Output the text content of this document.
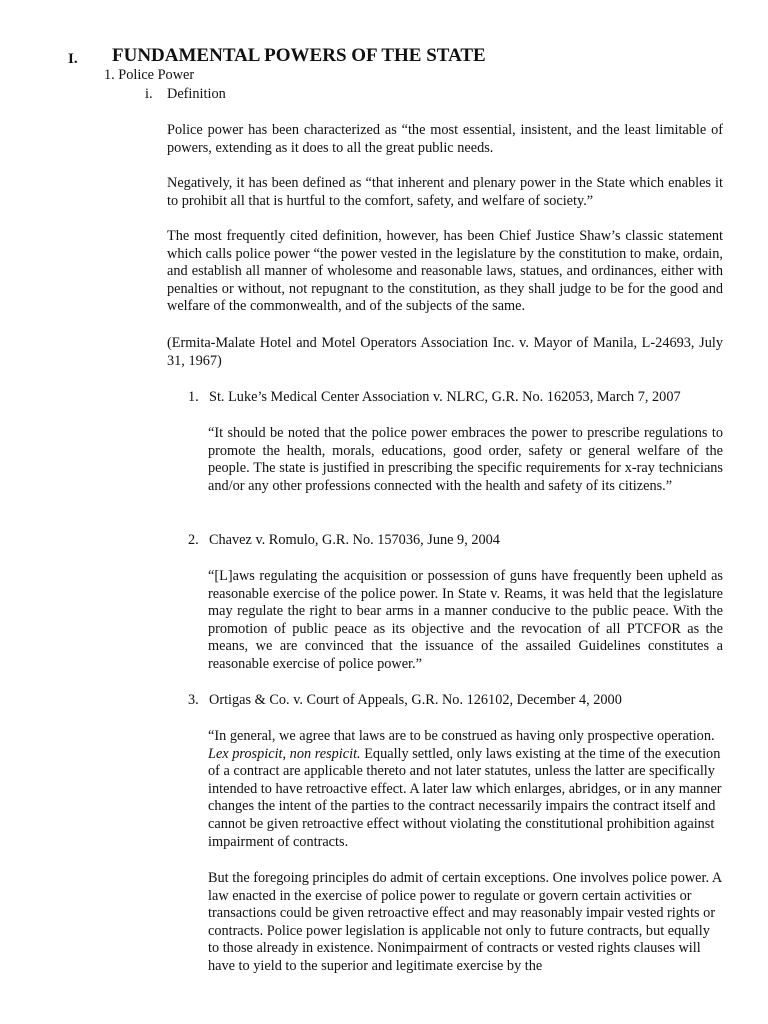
I. FUNDAMENTAL POWERS OF THE STATE
1. Police Power
i. Definition

Police power has been characterized as “the most essential, insistent, and the least limitable of powers, extending as it does to all the great public needs.

Negatively, it has been defined as “that inherent and plenary power in the State which enables it to prohibit all that is hurtful to the comfort, safety, and welfare of society.”

The most frequently cited definition, however, has been Chief Justice Shaw’s classic statement which calls police power “the power vested in the legislature by the constitution to make, ordain, and establish all manner of wholesome and reasonable laws, statues, and ordinances, either with penalties or without, not repugnant to the constitution, as they shall judge to be for the good and welfare of the commonwealth, and of the subjects of the same.

(Ermita-Malate Hotel and Motel Operators Association Inc. v. Mayor of Manila, L-24693, July 31, 1967)

1. St. Luke’s Medical Center Association v. NLRC, G.R. No. 162053, March 7, 2007

“It should be noted that the police power embraces the power to prescribe regulations to promote the health, morals, educations, good order, safety or general welfare of the people. The state is justified in prescribing the specific requirements for x-ray technicians and/or any other professions connected with the health and safety of its citizens.”

2. Chavez v. Romulo, G.R. No. 157036, June 9, 2004

“[L]aws regulating the acquisition or possession of guns have frequently been upheld as reasonable exercise of the police power. In State v. Reams, it was held that the legislature may regulate the right to bear arms in a manner conducive to the public peace. With the promotion of public peace as its objective and the revocation of all PTCFOR as the means, we are convinced that the issuance of the assailed Guidelines constitutes a reasonable exercise of police power.”

3. Ortigas & Co. v. Court of Appeals, G.R. No. 126102, December 4, 2000

“In general, we agree that laws are to be construed as having only prospective operation. Lex prospicit, non respicit. Equally settled, only laws existing at the time of the execution of a contract are applicable thereto and not later statutes, unless the latter are specifically intended to have retroactive effect. A later law which enlarges, abridges, or in any manner changes the intent of the parties to the contract necessarily impairs the contract itself and cannot be given retroactive effect without violating the constitutional prohibition against impairment of contracts.

But the foregoing principles do admit of certain exceptions. One involves police power. A law enacted in the exercise of police power to regulate or govern certain activities or transactions could be given retroactive effect and may reasonably impair vested rights or contracts. Police power legislation is applicable not only to future contracts, but equally to those already in existence. Nonimpairment of contracts or vested rights clauses will have to yield to the superior and legitimate exercise by the
